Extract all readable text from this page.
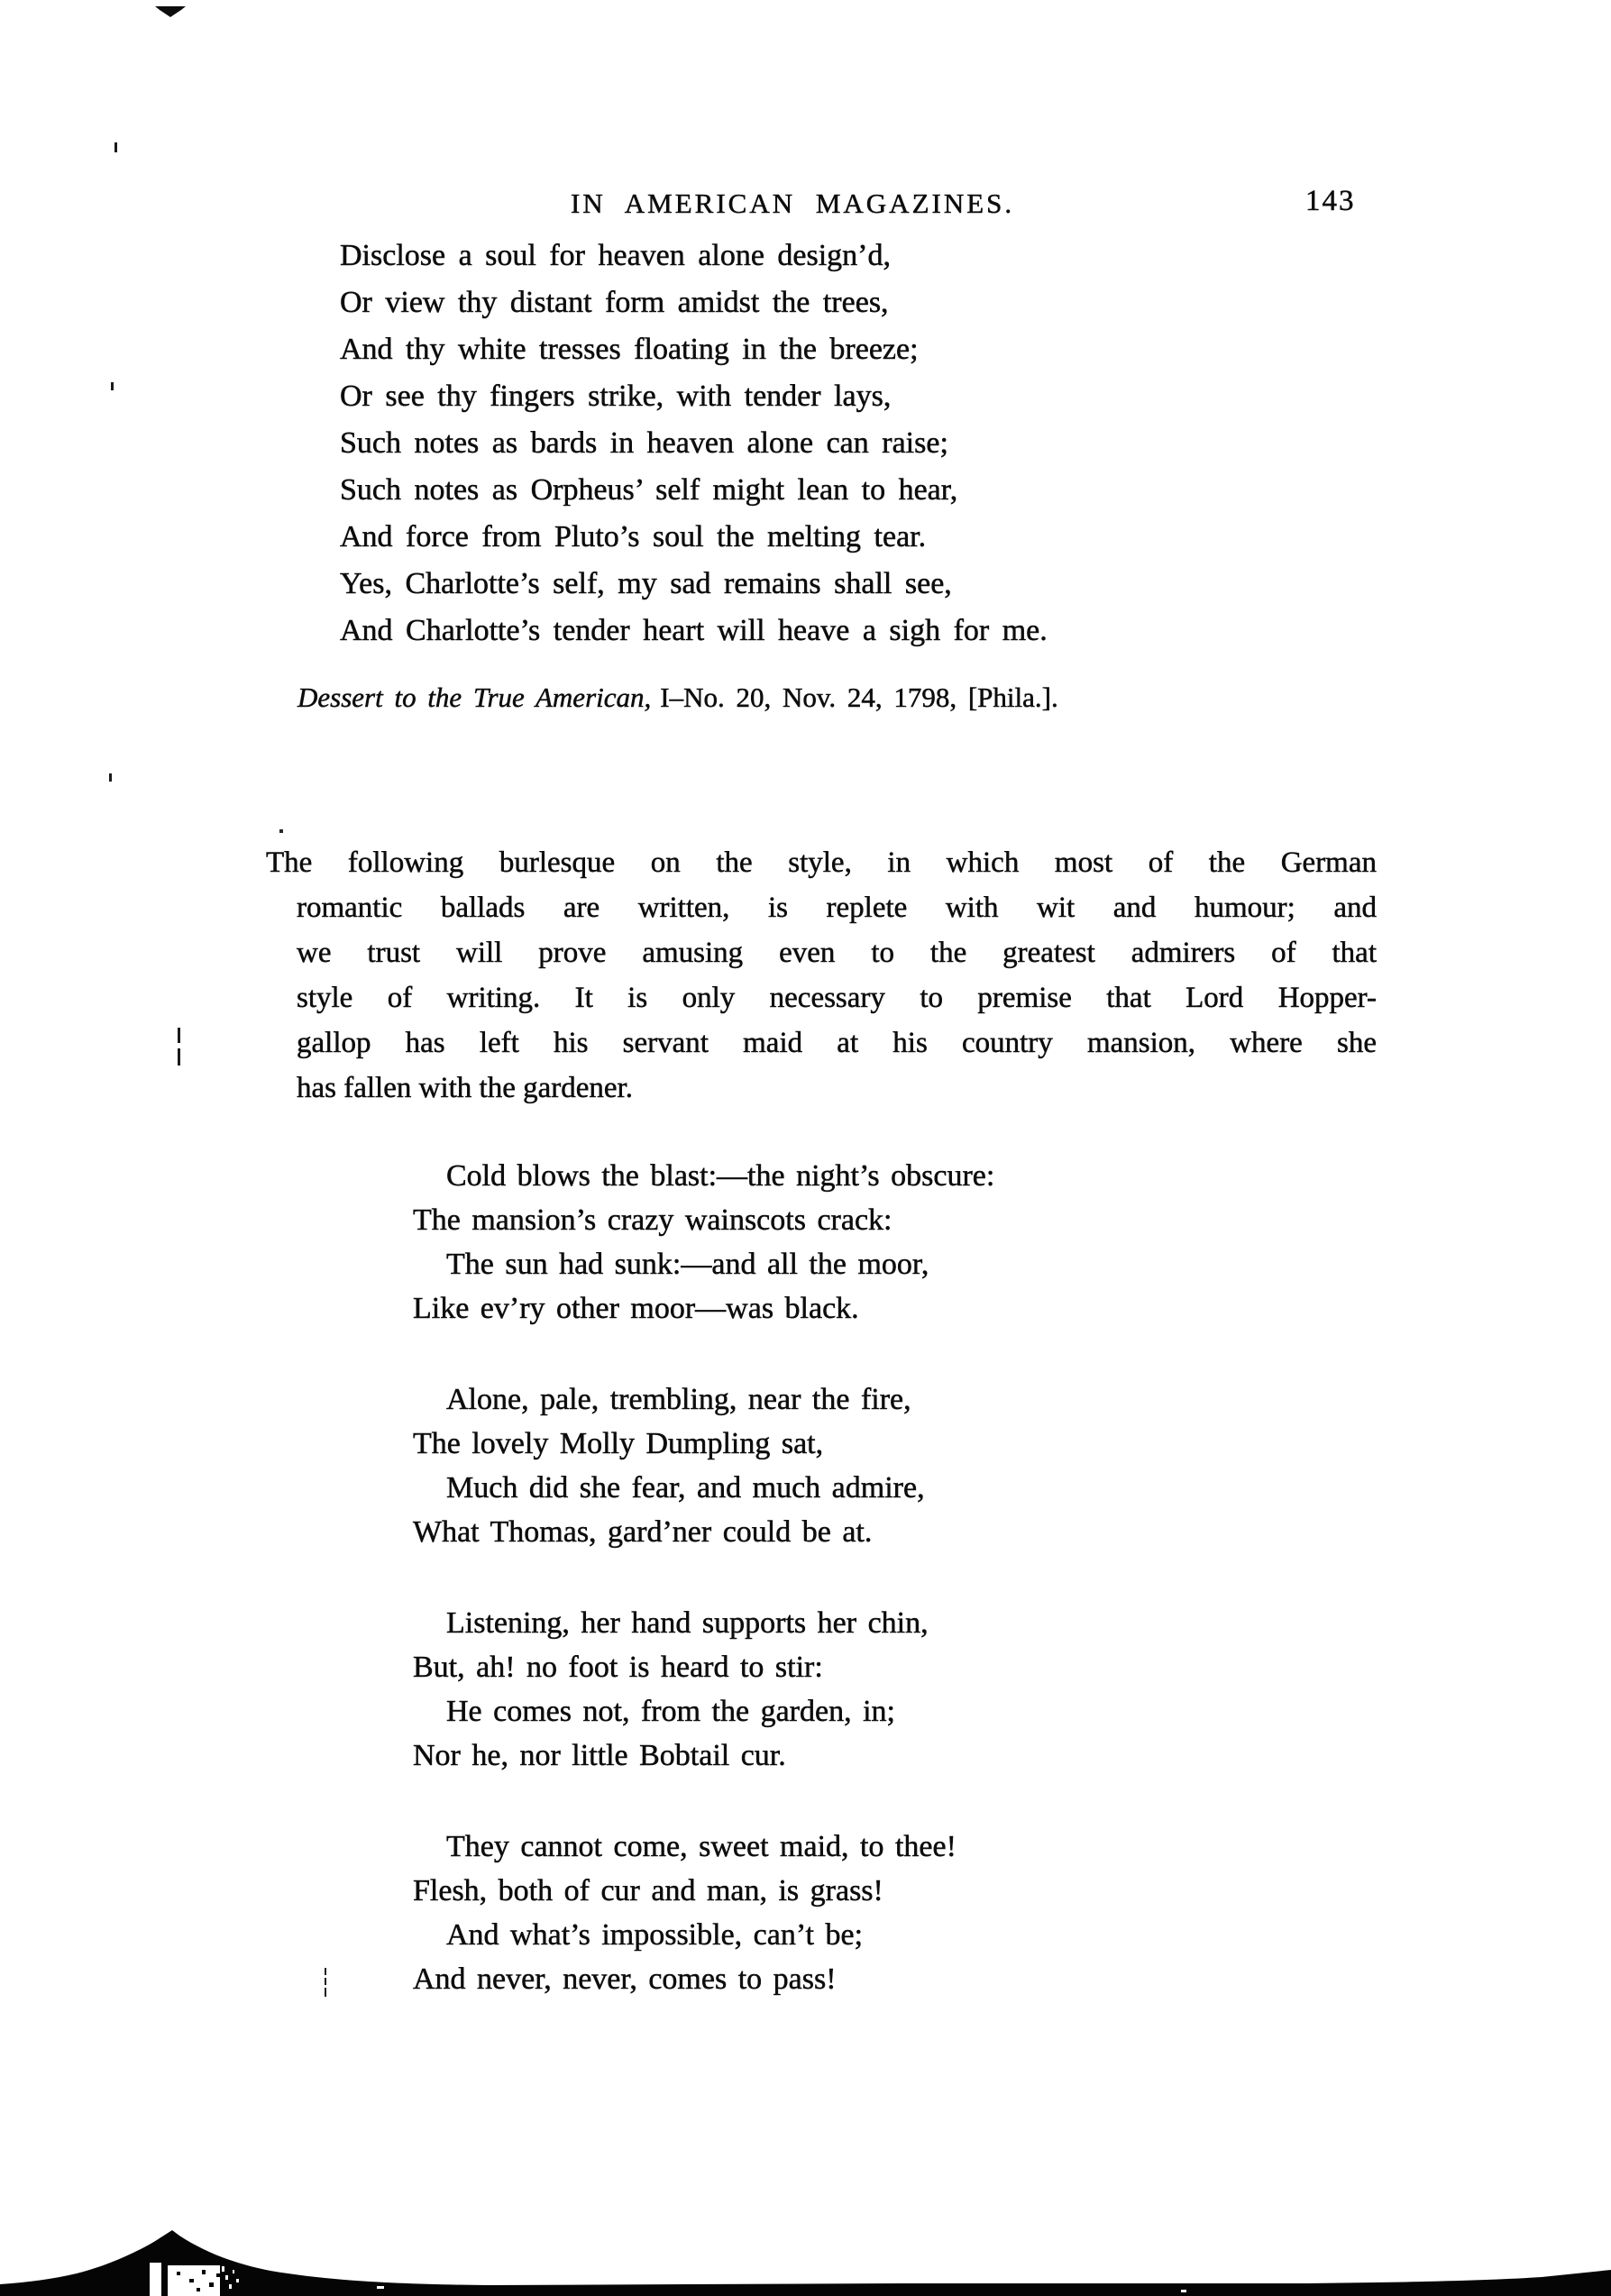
IN AMERICAN MAGAZINES.	143
Disclose a soul for heaven alone design’d,
Or view thy distant form amidst the trees,
And thy white tresses floating in the breeze;
Or see thy fingers strike, with tender lays,
Such notes as bards in heaven alone can raise;
Such notes as Orpheus’ self might lean to hear,
And force from Pluto’s soul the melting tear.
Yes, Charlotte’s self, my sad remains shall see,
And Charlotte’s tender heart will heave a sigh for me.
Dessert to the True American, I–No. 20, Nov. 24, 1798, [Phila.].
The following burlesque on the style, in which most of the German
romantic ballads are written, is replete with wit and humour; and
we trust will prove amusing even to the greatest admirers of that
style of writing. It is only necessary to premise that Lord Hopper-
gallop has left his servant maid at his country mansion, where she
has fallen with the gardener.
Cold blows the blast:—the night’s obscure:
The mansion’s crazy wainscots crack:
The sun had sunk:—and all the moor,
Like ev’ry other moor—was black.
Alone, pale, trembling, near the fire,
The lovely Molly Dumpling sat,
Much did she fear, and much admire,
What Thomas, gard’ner could be at.
Listening, her hand supports her chin,
But, ah! no foot is heard to stir:
He comes not, from the garden, in;
Nor he, nor little Bobtail cur.
They cannot come, sweet maid, to thee!
Flesh, both of cur and man, is grass!
And what’s impossible, can’t be;
And never, never, comes to pass!
